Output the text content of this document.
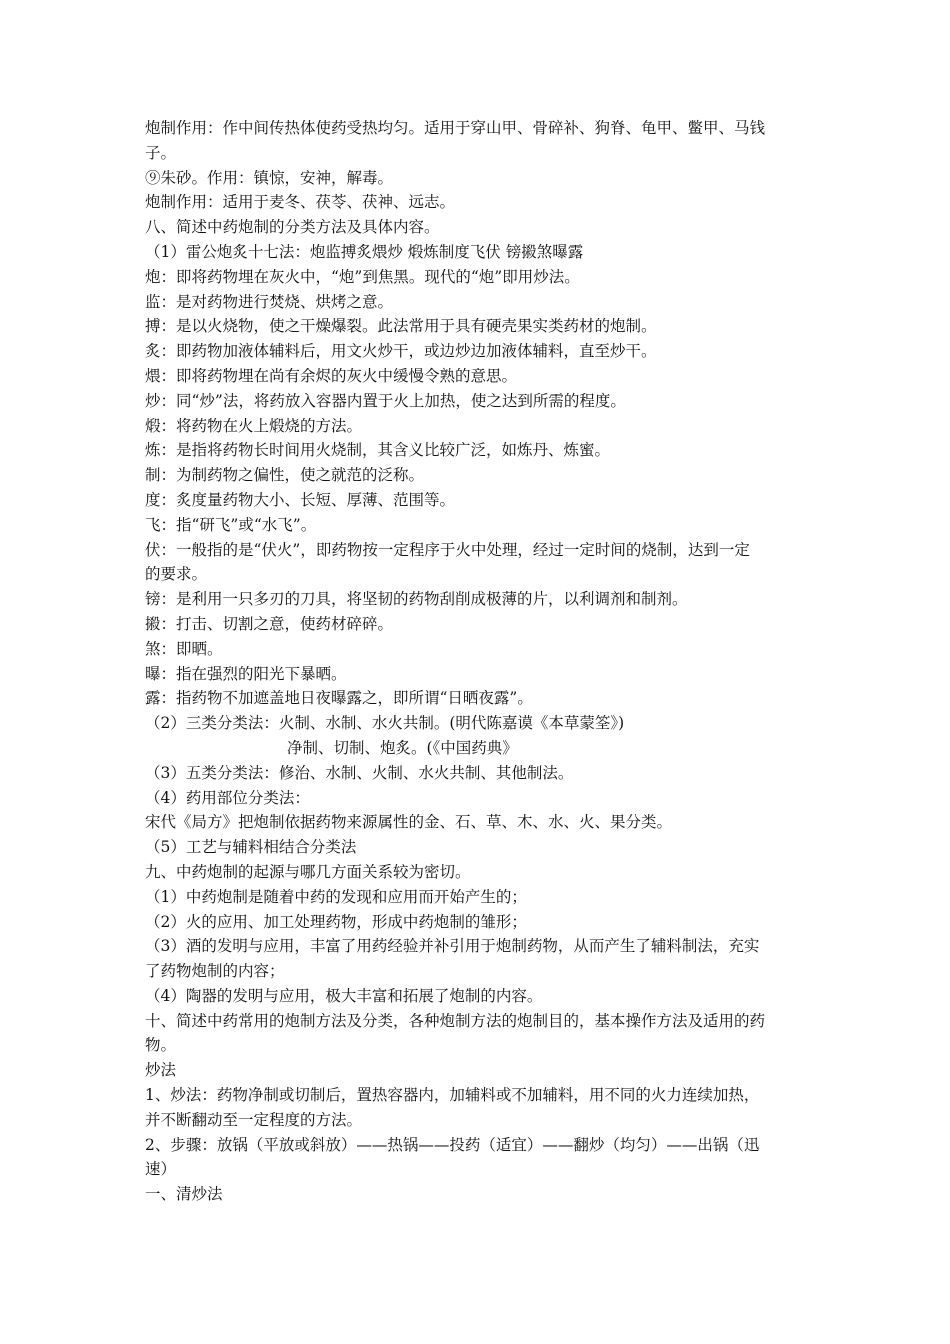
炮制作用：作中间传热体使药受热均匀。适用于穿山甲、骨碎补、狗脊、龟甲、鳖甲、马钱
子。
⑨朱砂。作用：镇惊，安神，解毒。
炮制作用：适用于麦冬、茯苓、茯神、远志。
八、简述中药炮制的分类方法及具体内容。
（1）雷公炮炙十七法：炮监搏炙煨炒 煅炼制度飞伏 镑摋煞曝露
炮：即将药物埋在灰火中，“炮”到焦黑。现代的“炮”即用炒法。
监：是对药物进行焚烧、烘烤之意。
搏：是以火烧物，使之干燥爆裂。此法常用于具有硬壳果实类药材的炮制。
炙：即药物加液体辅料后，用文火炒干，或边炒边加液体辅料，直至炒干。
煨：即将药物埋在尚有余烬的灰火中缓慢令熟的意思。
炒：同“炒”法，将药放入容器内置于火上加热，使之达到所需的程度。
煅：将药物在火上煅烧的方法。
炼：是指将药物长时间用火烧制，其含义比较广泛，如炼丹、炼蜜。
制：为制药物之偏性，使之就范的泛称。
度：炙度量药物大小、长短、厚薄、范围等。
飞：指“研飞”或“水飞”。
伏：一般指的是“伏火”，即药物按一定程序于火中处理，经过一定时间的烧制，达到一定
的要求。
镑：是利用一只多刃的刀具，将坚韧的药物刮削成极薄的片，以利调剂和制剂。
摋：打击、切割之意，使药材碎碎。
煞：即晒。
曝：指在强烈的阳光下暴晒。
露：指药物不加遮盖地日夜曝露之，即所谓“日晒夜露”。
（2）三类分类法：火制、水制、水火共制。(明代陈嘉谟《本草蒙筌》)
净制、切制、炮炙。(《中国药典》
（3）五类分类法：修治、水制、火制、水火共制、其他制法。
（4）药用部位分类法：
宋代《局方》把炮制依据药物来源属性的金、石、草、木、水、火、果分类。
（5）工艺与辅料相结合分类法
九、中药炮制的起源与哪几方面关系较为密切。
（1）中药炮制是随着中药的发现和应用而开始产生的；
（2）火的应用、加工处理药物，形成中药炮制的雏形；
（3）酒的发明与应用，丰富了用药经验并补引用于炮制药物，从而产生了辅料制法，充实
了药物炮制的内容；
（4）陶器的发明与应用，极大丰富和拓展了炮制的内容。
十、简述中药常用的炮制方法及分类，各种炮制方法的炮制目的，基本操作方法及适用的药
物。
炒法
1、炒法：药物净制或切制后，置热容器内，加辅料或不加辅料，用不同的火力连续加热，
并不断翻动至一定程度的方法。
2、步骤：放锅（平放或斜放）——热锅——投药（适宜）——翻炒（均匀）——出锅（迅
速）
一、清炒法
